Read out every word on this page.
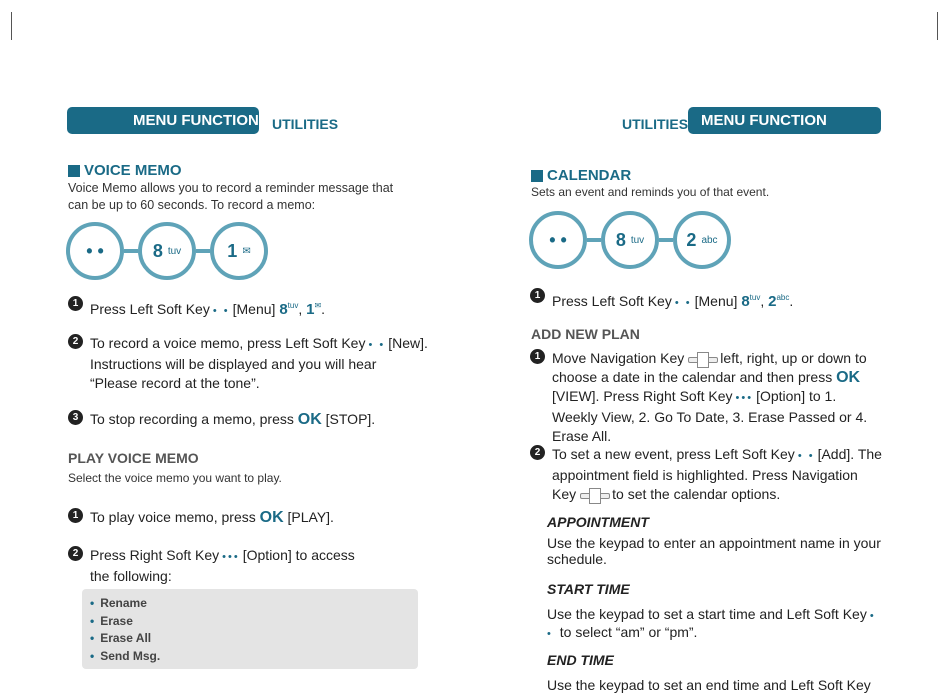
MENU FUNCTION UTILITIES
VOICE MEMO
Voice Memo allows you to record a reminder message that can be up to 60 seconds. To record a memo:
• •	8 tuv	1 ✉
1 Press Left Soft Key • • [Menu] $8^{tuv}$, 1✉.
2 To record a voice memo, press Left Soft Key • • [New].
Instructions will be displayed and you will hear “Please record at the tone”.
3 To stop recording a memo, press OK [STOP].
PLAY VOICE MEMO
Select the voice memo you want to play.
1 To play voice memo, press OK [PLAY].
2 Press Right Soft Key ••• [Option] to access the following:
• Rename
• Erase
• Erase All
• Send Msg.
UTILITIES MENU FUNCTION
CALENDAR
Sets an event and reminds you of that event.
• •	8 tuv 2 abc
1 Press Left Soft Key • • [Menu] $8^{tuv}$, $2^{abc}$.
ADD NEW PLAN
1 Move Navigation Key	left, right, up or down to choose a date in the calendar and then press OK [VIEW]. Press Right Soft Key ••• [Option] to 1. Weekly View, 2. Go To Date, 3. Erase Passed or 4. Erase All.
2 To set a new event, press Left Soft Key • • [Add]. The appointment field is highlighted. Press Navigation Key	to set the calendar options.
APPOINTMENT
Use the keypad to enter an appointment name in your schedule.
START TIME
Use the keypad to set a start time and Left Soft Key • • to select “am” or “pm”.
END TIME
Use the keypad to set an end time and Left Soft Key
